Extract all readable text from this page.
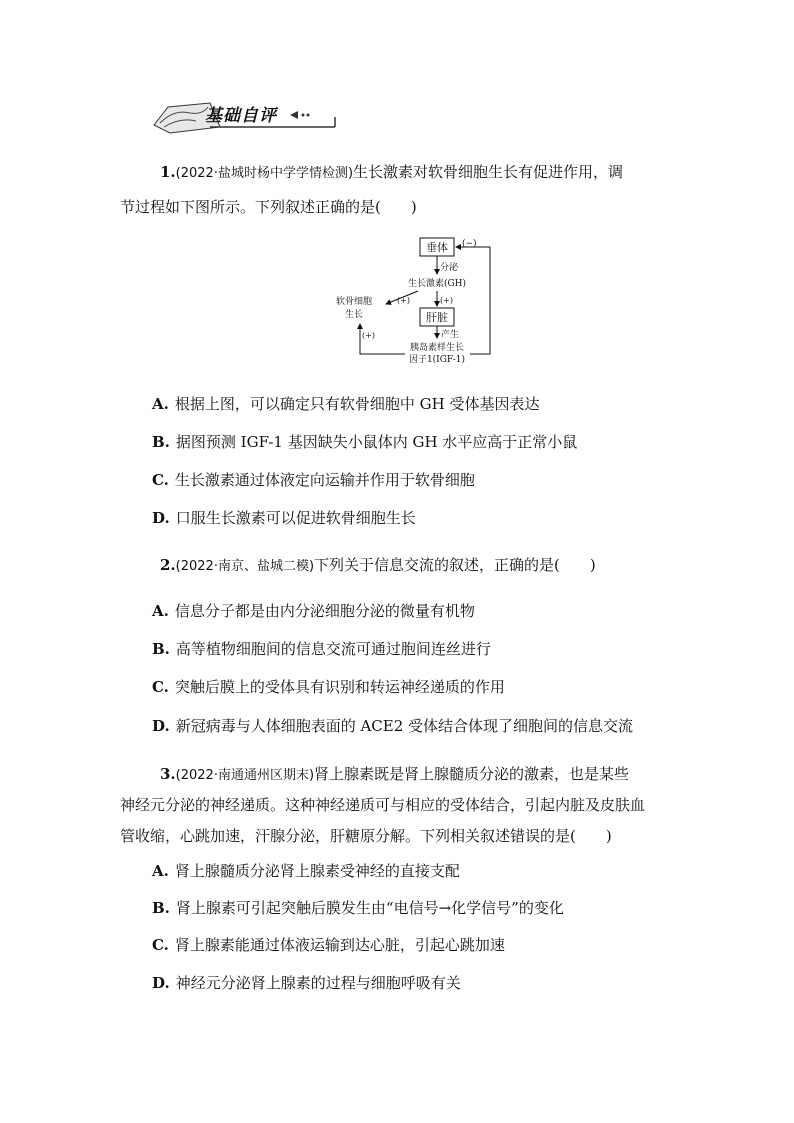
基础自评
1.(2022·盐城时杨中学学情检测)生长激素对软骨细胞生长有促进作用，调
节过程如下图所示。下列叙述正确的是(　　)
垂体 (−)
分泌
生长激素(GH)
(+)	(+)
肝脏
产生
胰岛素样生长
因子1(IGF-1)
软骨细胞
生长
(+)
A. 根据上图，可以确定只有软骨细胞中 GH 受体基因表达
B. 据图预测 IGF-1 基因缺失小鼠体内 GH 水平应高于正常小鼠
C. 生长激素通过体液定向运输并作用于软骨细胞
D. 口服生长激素可以促进软骨细胞生长
2.(2022·南京、盐城二模)下列关于信息交流的叙述，正确的是(　　)
A. 信息分子都是由内分泌细胞分泌的微量有机物
B. 高等植物细胞间的信息交流可通过胞间连丝进行
C. 突触后膜上的受体具有识别和转运神经递质的作用
D. 新冠病毒与人体细胞表面的 ACE2 受体结合体现了细胞间的信息交流
3.(2022·南通通州区期末)肾上腺素既是肾上腺髓质分泌的激素，也是某些
神经元分泌的神经递质。这种神经递质可与相应的受体结合，引起内脏及皮肤血
管收缩，心跳加速，汗腺分泌，肝糖原分解。下列相关叙述错误的是(　　)
A. 肾上腺髓质分泌肾上腺素受神经的直接支配
B. 肾上腺素可引起突触后膜发生由“电信号→化学信号”的变化
C. 肾上腺素能通过体液运输到达心脏，引起心跳加速
D. 神经元分泌肾上腺素的过程与细胞呼吸有关
